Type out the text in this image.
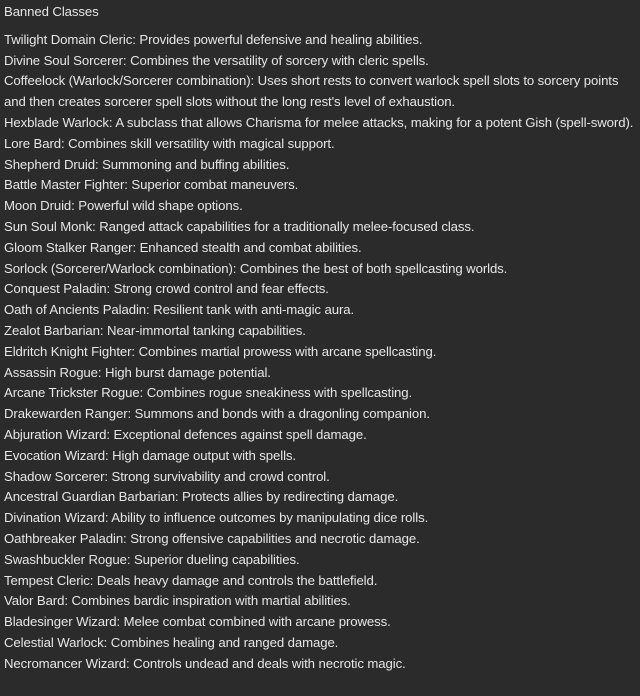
Banned Classes
Twilight Domain Cleric: Provides powerful defensive and healing abilities.
Divine Soul Sorcerer: Combines the versatility of sorcery with cleric spells.
Coffeelock (Warlock/Sorcerer combination): Uses short rests to convert warlock spell slots to sorcery points and then creates sorcerer spell slots without the long rest's level of exhaustion.
Hexblade Warlock: A subclass that allows Charisma for melee attacks, making for a potent Gish (spell-sword).
Lore Bard: Combines skill versatility with magical support.
Shepherd Druid: Summoning and buffing abilities.
Battle Master Fighter: Superior combat maneuvers.
Moon Druid: Powerful wild shape options.
Sun Soul Monk: Ranged attack capabilities for a traditionally melee-focused class.
Gloom Stalker Ranger: Enhanced stealth and combat abilities.
Sorlock (Sorcerer/Warlock combination): Combines the best of both spellcasting worlds.
Conquest Paladin: Strong crowd control and fear effects.
Oath of Ancients Paladin: Resilient tank with anti-magic aura.
Zealot Barbarian: Near-immortal tanking capabilities.
Eldritch Knight Fighter: Combines martial prowess with arcane spellcasting.
Assassin Rogue: High burst damage potential.
Arcane Trickster Rogue: Combines rogue sneakiness with spellcasting.
Drakewarden Ranger: Summons and bonds with a dragonling companion.
Abjuration Wizard: Exceptional defences against spell damage.
Evocation Wizard: High damage output with spells.
Shadow Sorcerer: Strong survivability and crowd control.
Ancestral Guardian Barbarian: Protects allies by redirecting damage.
Divination Wizard: Ability to influence outcomes by manipulating dice rolls.
Oathbreaker Paladin: Strong offensive capabilities and necrotic damage.
Swashbuckler Rogue: Superior dueling capabilities.
Tempest Cleric: Deals heavy damage and controls the battlefield.
Valor Bard: Combines bardic inspiration with martial abilities.
Bladesinger Wizard: Melee combat combined with arcane prowess.
Celestial Warlock: Combines healing and ranged damage.
Necromancer Wizard: Controls undead and deals with necrotic magic.
